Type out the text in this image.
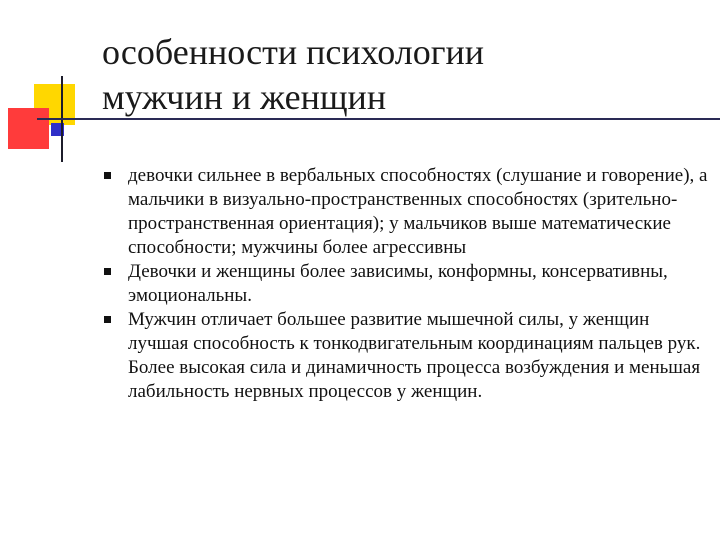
особенности психологии
мужчин и женщин
девочки сильнее в вербальных способностях (слушание и говорение), а мальчики в визуально-пространственных способностях (зрительно-пространственная ориентация); у мальчиков выше математические способности; мужчины более агрессивны
Девочки и женщины более зависимы, конформны, консервативны, эмоциональны.
Мужчин отличает большее развитие мышечной силы, у женщин лучшая способность к тонкодвигательным координациям пальцев рук. Более высокая сила и динамичность процесса возбуждения и меньшая лабильность нервных процессов у женщин.
